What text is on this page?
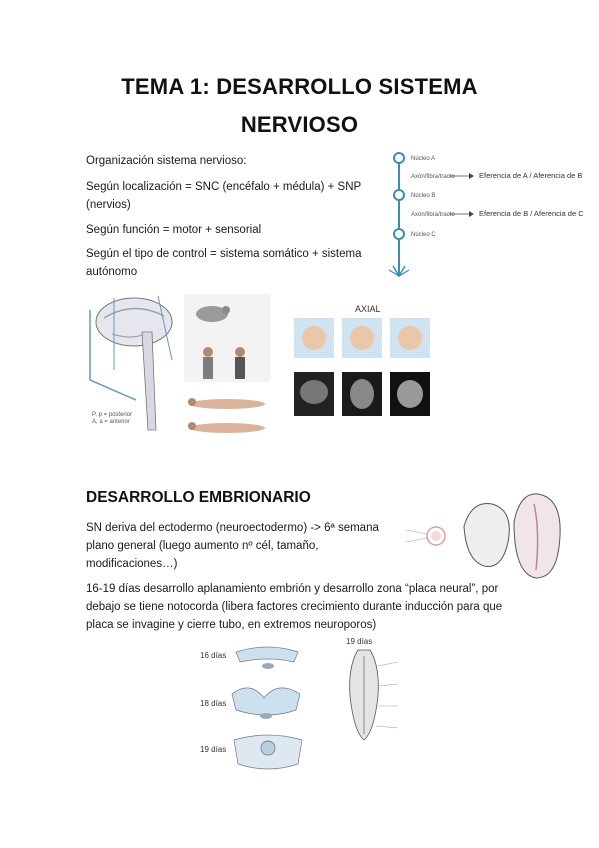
TEMA 1: DESARROLLO SISTEMA
NERVIOSO
Organización sistema nervioso:
Según localización = SNC (encéfalo + médula) + SNP
(nervios)
Según función = motor + sensorial
Según el tipo de control = sistema somático + sistema
autónomo
Núcleo A
Axón/fibra/tracto
Núcleo B
Axón/fibra/tracto
Núcleo C
Eferencia de A / Aferencia de B
Eferencia de B / Aferencia de C
P, p = posterior
A, a = anterior
AXIAL
DESARROLLO EMBRIONARIO
SN deriva del ectodermo (neuroectodermo) -> 6ª semana
plano general (luego aumento nº cél, tamaño,
modificaciones…)
16-19 días desarrollo aplanamiento embrión y desarrollo zona “placa neural”, por
debajo se tiene notocorda (libera factores crecimiento durante inducción para que
placa se invagine y cierre tubo, en extremos neuroporos)
16 días
18 días
19 días
19 días
